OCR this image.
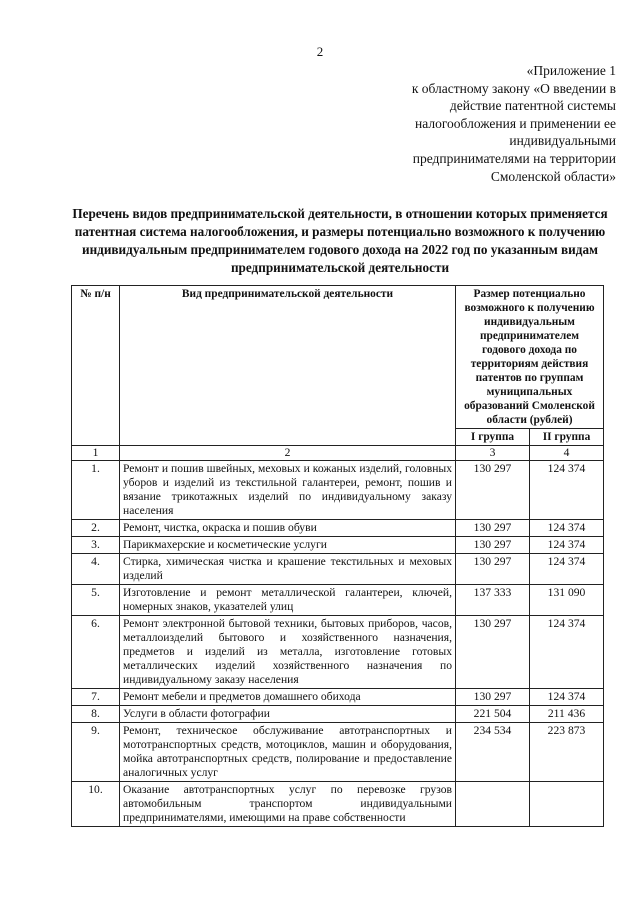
2
«Приложение 1
к областному закону «О введении в
действие патентной системы
налогообложения и применении ее
индивидуальными
предпринимателями на территории
Смоленской области»
Перечень видов предпринимательской деятельности, в отношении которых применяется патентная система налогообложения, и размеры потенциально возможного к получению индивидуальным предпринимателем годового дохода на 2022 год по указанным видам предпринимательской деятельности
№ п/н	Вид предпринимательской деятельности	Размер потенциально возможного к получению индивидуальным предпринимателем годового дохода по территориям действия патентов по группам муниципальных образований Смоленской области (рублей)	
		I группа	II группа
1	2	3	4
1.	Ремонт и пошив швейных, меховых и кожаных изделий, головных уборов и изделий из текстильной галантереи, ремонт, пошив и вязание трикотажных изделий по индивидуальному заказу населения	130 297	124 374
2.	Ремонт, чистка, окраска и пошив обуви	130 297	124 374
3.	Парикмахерские и косметические услуги	130 297	124 374
4.	Стирка, химическая чистка и крашение текстильных и меховых изделий	130 297	124 374
5.	Изготовление и ремонт металлической галантереи, ключей, номерных знаков, указателей улиц	137 333	131 090
6.	Ремонт электронной бытовой техники, бытовых приборов, часов, металлоизделий бытового и хозяйственного назначения, предметов и изделий из металла, изготовление готовых металлических изделий хозяйственного назначения по индивидуальному заказу населения	130 297	124 374
7.	Ремонт мебели и предметов домашнего обихода	130 297	124 374
8.	Услуги в области фотографии	221 504	211 436
9.	Ремонт, техническое обслуживание автотранспортных и мототранспортных средств, мотоциклов, машин и оборудования, мойка автотранспортных средств, полирование и предоставление аналогичных услуг	234 534	223 873
10.	Оказание автотранспортных услуг по перевозке грузов автомобильным транспортом индивидуальными предпринимателями, имеющими на праве собственности		
